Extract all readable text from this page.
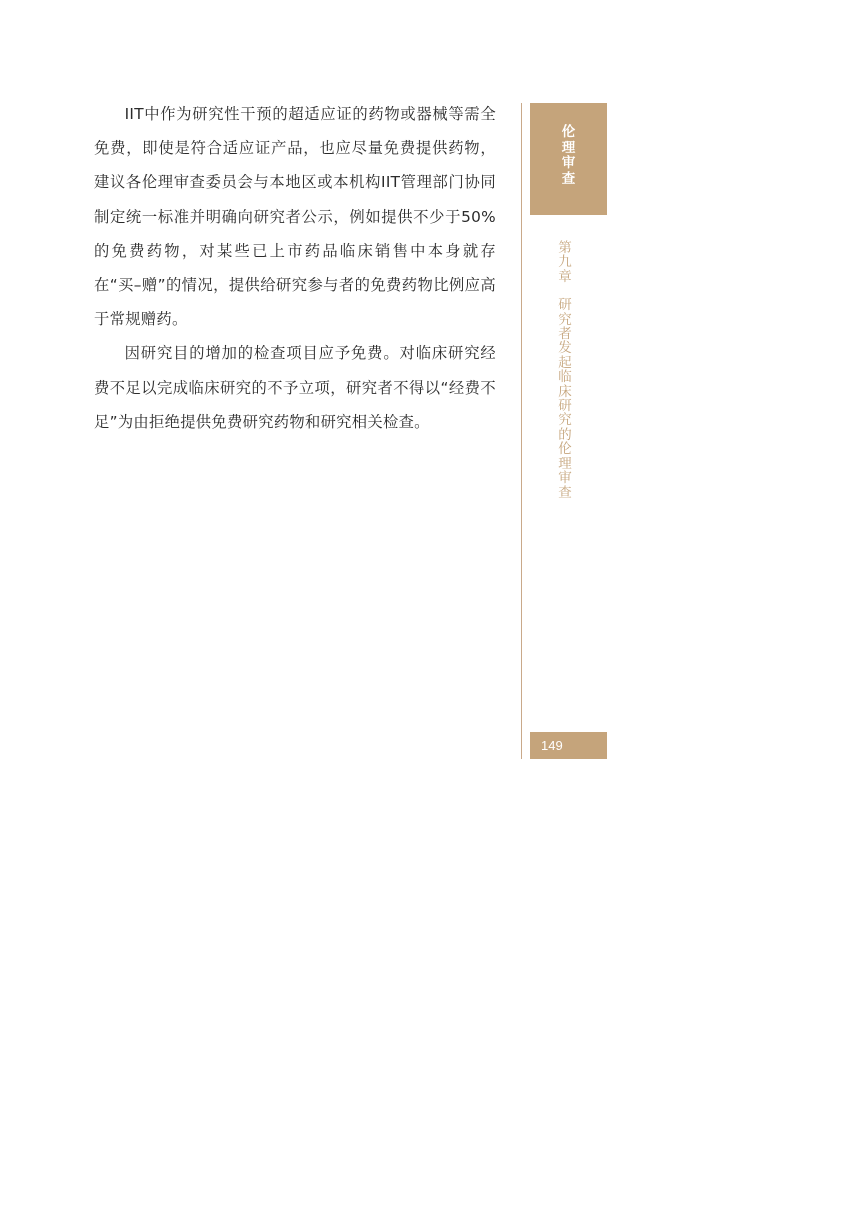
IIT中作为研究性干预的超适应证的药物或器械等需全免费，即使是符合适应证产品，也应尽量免费提供药物，建议各伦理审查委员会与本地区或本机构IIT管理部门协同制定统一标准并明确向研究者公示，例如提供不少于50%的免费药物，对某些已上市药品临床销售中本身就存在“买–赠”的情况，提供给研究参与者的免费药物比例应高于常规赠药。

因研究目的增加的检查项目应予免费。对临床研究经费不足以完成临床研究的不予立项，研究者不得以“经费不足”为由拒绝提供免费研究药物和研究相关检查。

伦
理
审
查
第
九
章
研
究
者
发
起
临
床
研
究
的
伦
理
审
查
149
